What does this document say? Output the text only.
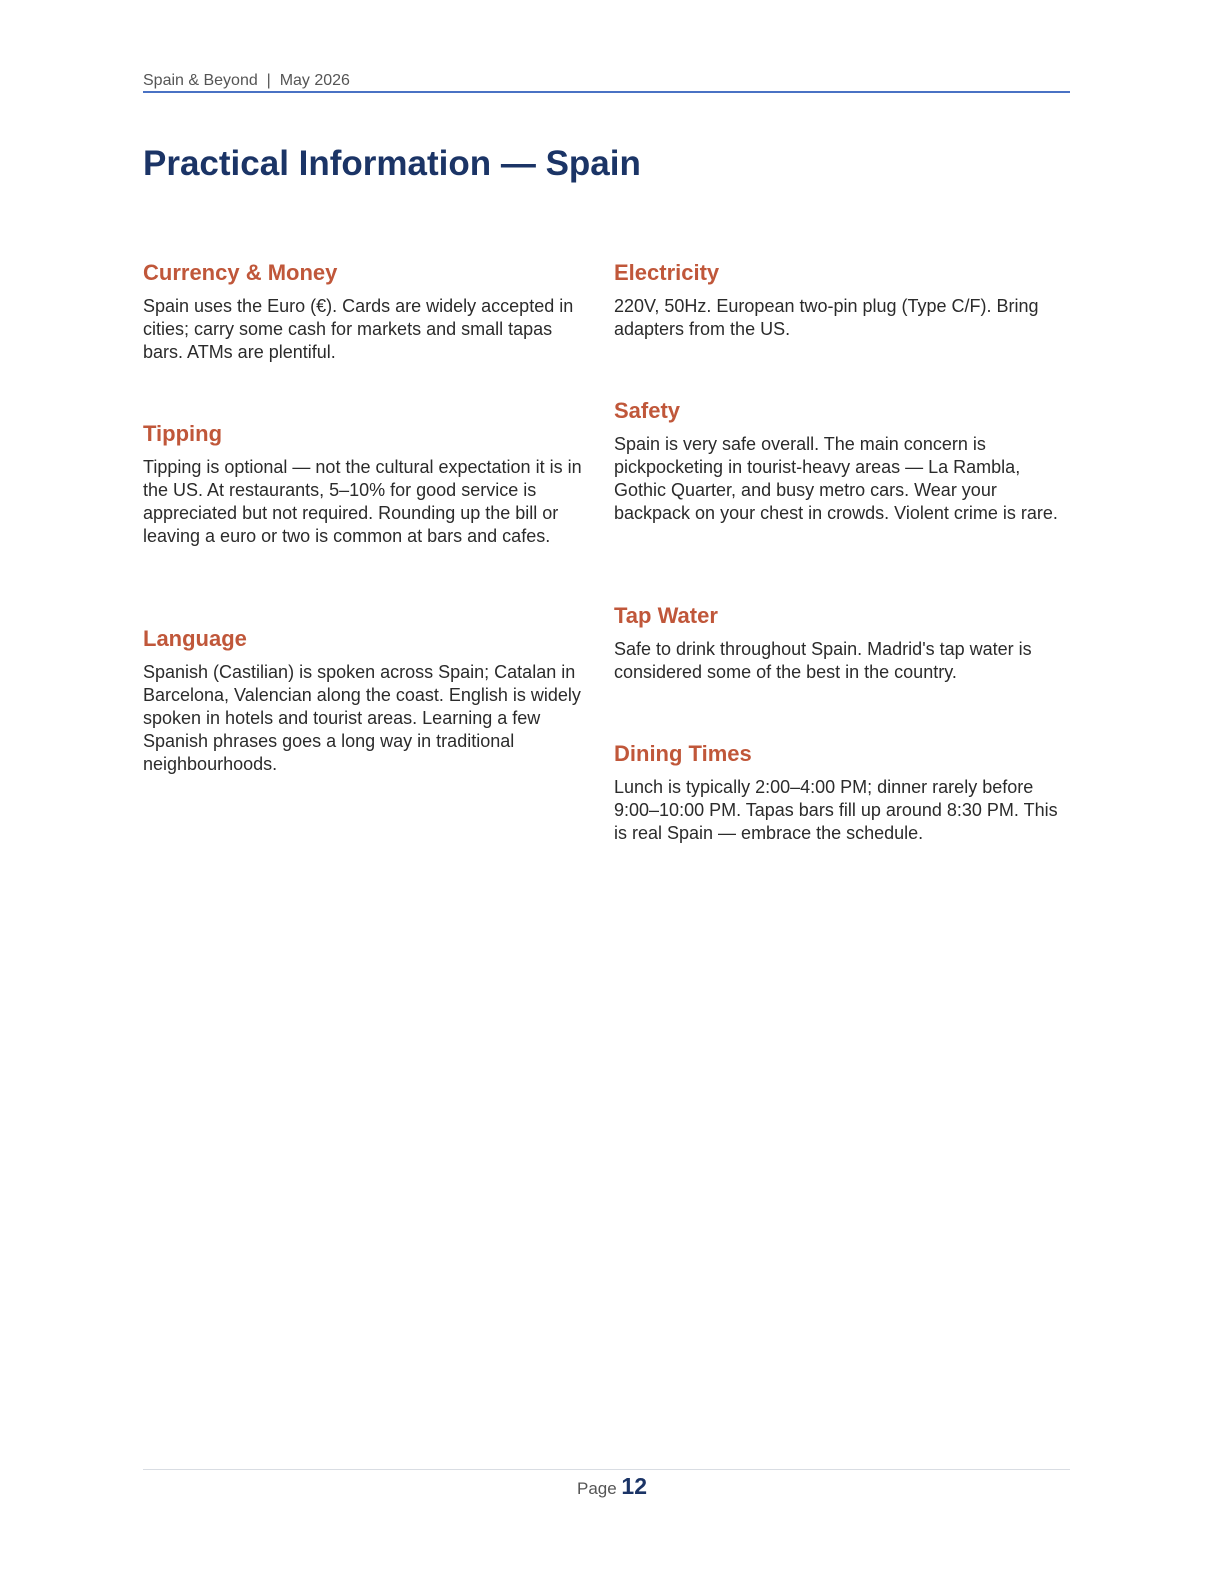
Spain & Beyond  |  May 2026
Practical Information — Spain
Currency & Money

Spain uses the Euro (€). Cards are widely accepted in cities; carry some cash for markets and small tapas bars. ATMs are plentiful.

Tipping

Tipping is optional — not the cultural expectation it is in the US. At restaurants, 5–10% for good service is appreciated but not required. Rounding up the bill or leaving a euro or two is common at bars and cafes.

Language

Spanish (Castilian) is spoken across Spain; Catalan in Barcelona, Valencian along the coast. English is widely spoken in hotels and tourist areas. Learning a few Spanish phrases goes a long way in traditional neighbourhoods.

Electricity

220V, 50Hz. European two-pin plug (Type C/F). Bring adapters from the US.

Safety

Spain is very safe overall. The main concern is pickpocketing in tourist-heavy areas — La Rambla, Gothic Quarter, and busy metro cars. Wear your backpack on your chest in crowds. Violent crime is rare.

Tap Water

Safe to drink throughout Spain. Madrid's tap water is considered some of the best in the country.

Dining Times

Lunch is typically 2:00–4:00 PM; dinner rarely before 9:00–10:00 PM. Tapas bars fill up around 8:30 PM. This is real Spain — embrace the schedule.

Page 12
